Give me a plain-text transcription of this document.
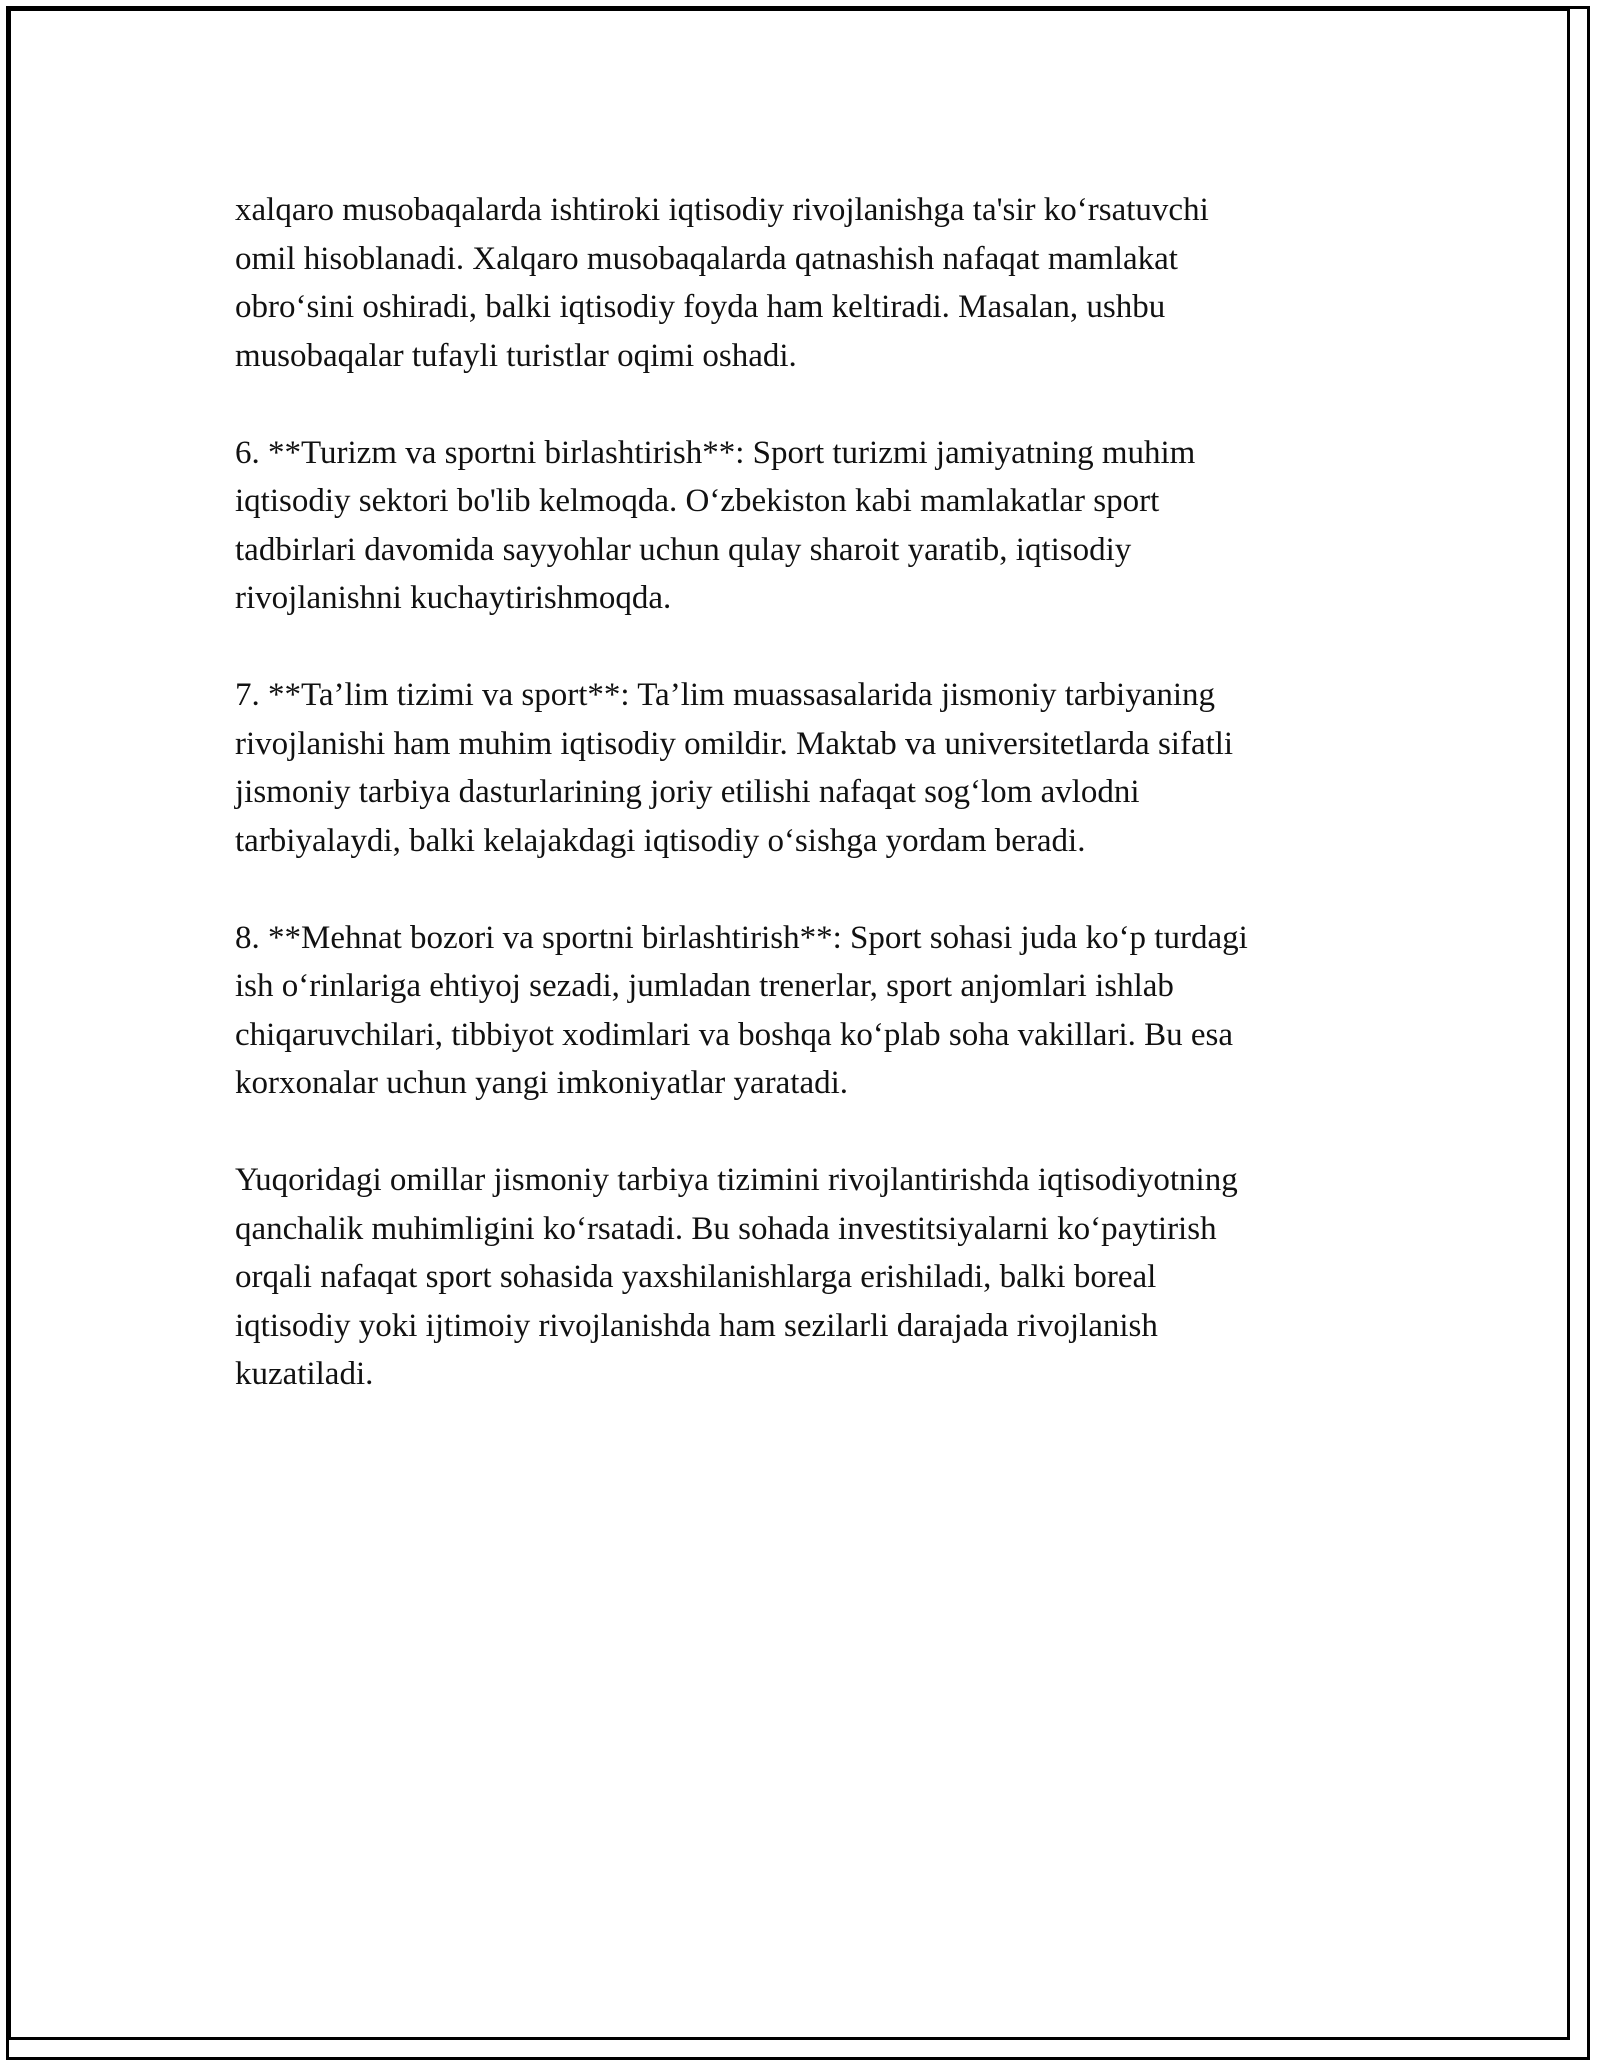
xalqaro musobaqalarda ishtiroki iqtisodiy rivojlanishga ta'sir ko‘rsatuvchi
omil hisoblanadi. Xalqaro musobaqalarda qatnashish nafaqat mamlakat
obro‘sini oshiradi, balki iqtisodiy foyda ham keltiradi. Masalan, ushbu
musobaqalar tufayli turistlar oqimi oshadi.

6. **Turizm va sportni birlashtirish**: Sport turizmi jamiyatning muhim
iqtisodiy sektori bo'lib kelmoqda. O‘zbekiston kabi mamlakatlar sport
tadbirlari davomida sayyohlar uchun qulay sharoit yaratib, iqtisodiy
rivojlanishni kuchaytirishmoqda.

7. **Ta’lim tizimi va sport**: Ta’lim muassasalarida jismoniy tarbiyaning
rivojlanishi ham muhim iqtisodiy omildir. Maktab va universitetlarda sifatli
jismoniy tarbiya dasturlarining joriy etilishi nafaqat sog‘lom avlodni
tarbiyalaydi, balki kelajakdagi iqtisodiy o‘sishga yordam beradi.

8. **Mehnat bozori va sportni birlashtirish**: Sport sohasi juda ko‘p turdagi
ish o‘rinlariga ehtiyoj sezadi, jumladan trenerlar, sport anjomlari ishlab
chiqaruvchilari, tibbiyot xodimlari va boshqa ko‘plab soha vakillari. Bu esa
korxonalar uchun yangi imkoniyatlar yaratadi.

Yuqoridagi omillar jismoniy tarbiya tizimini rivojlantirishda iqtisodiyotning
qanchalik muhimligini ko‘rsatadi. Bu sohada investitsiyalarni ko‘paytirish
orqali nafaqat sport sohasida yaxshilanishlarga erishiladi, balki boreal
iqtisodiy yoki ijtimoiy rivojlanishda ham sezilarli darajada rivojlanish
kuzatiladi.
